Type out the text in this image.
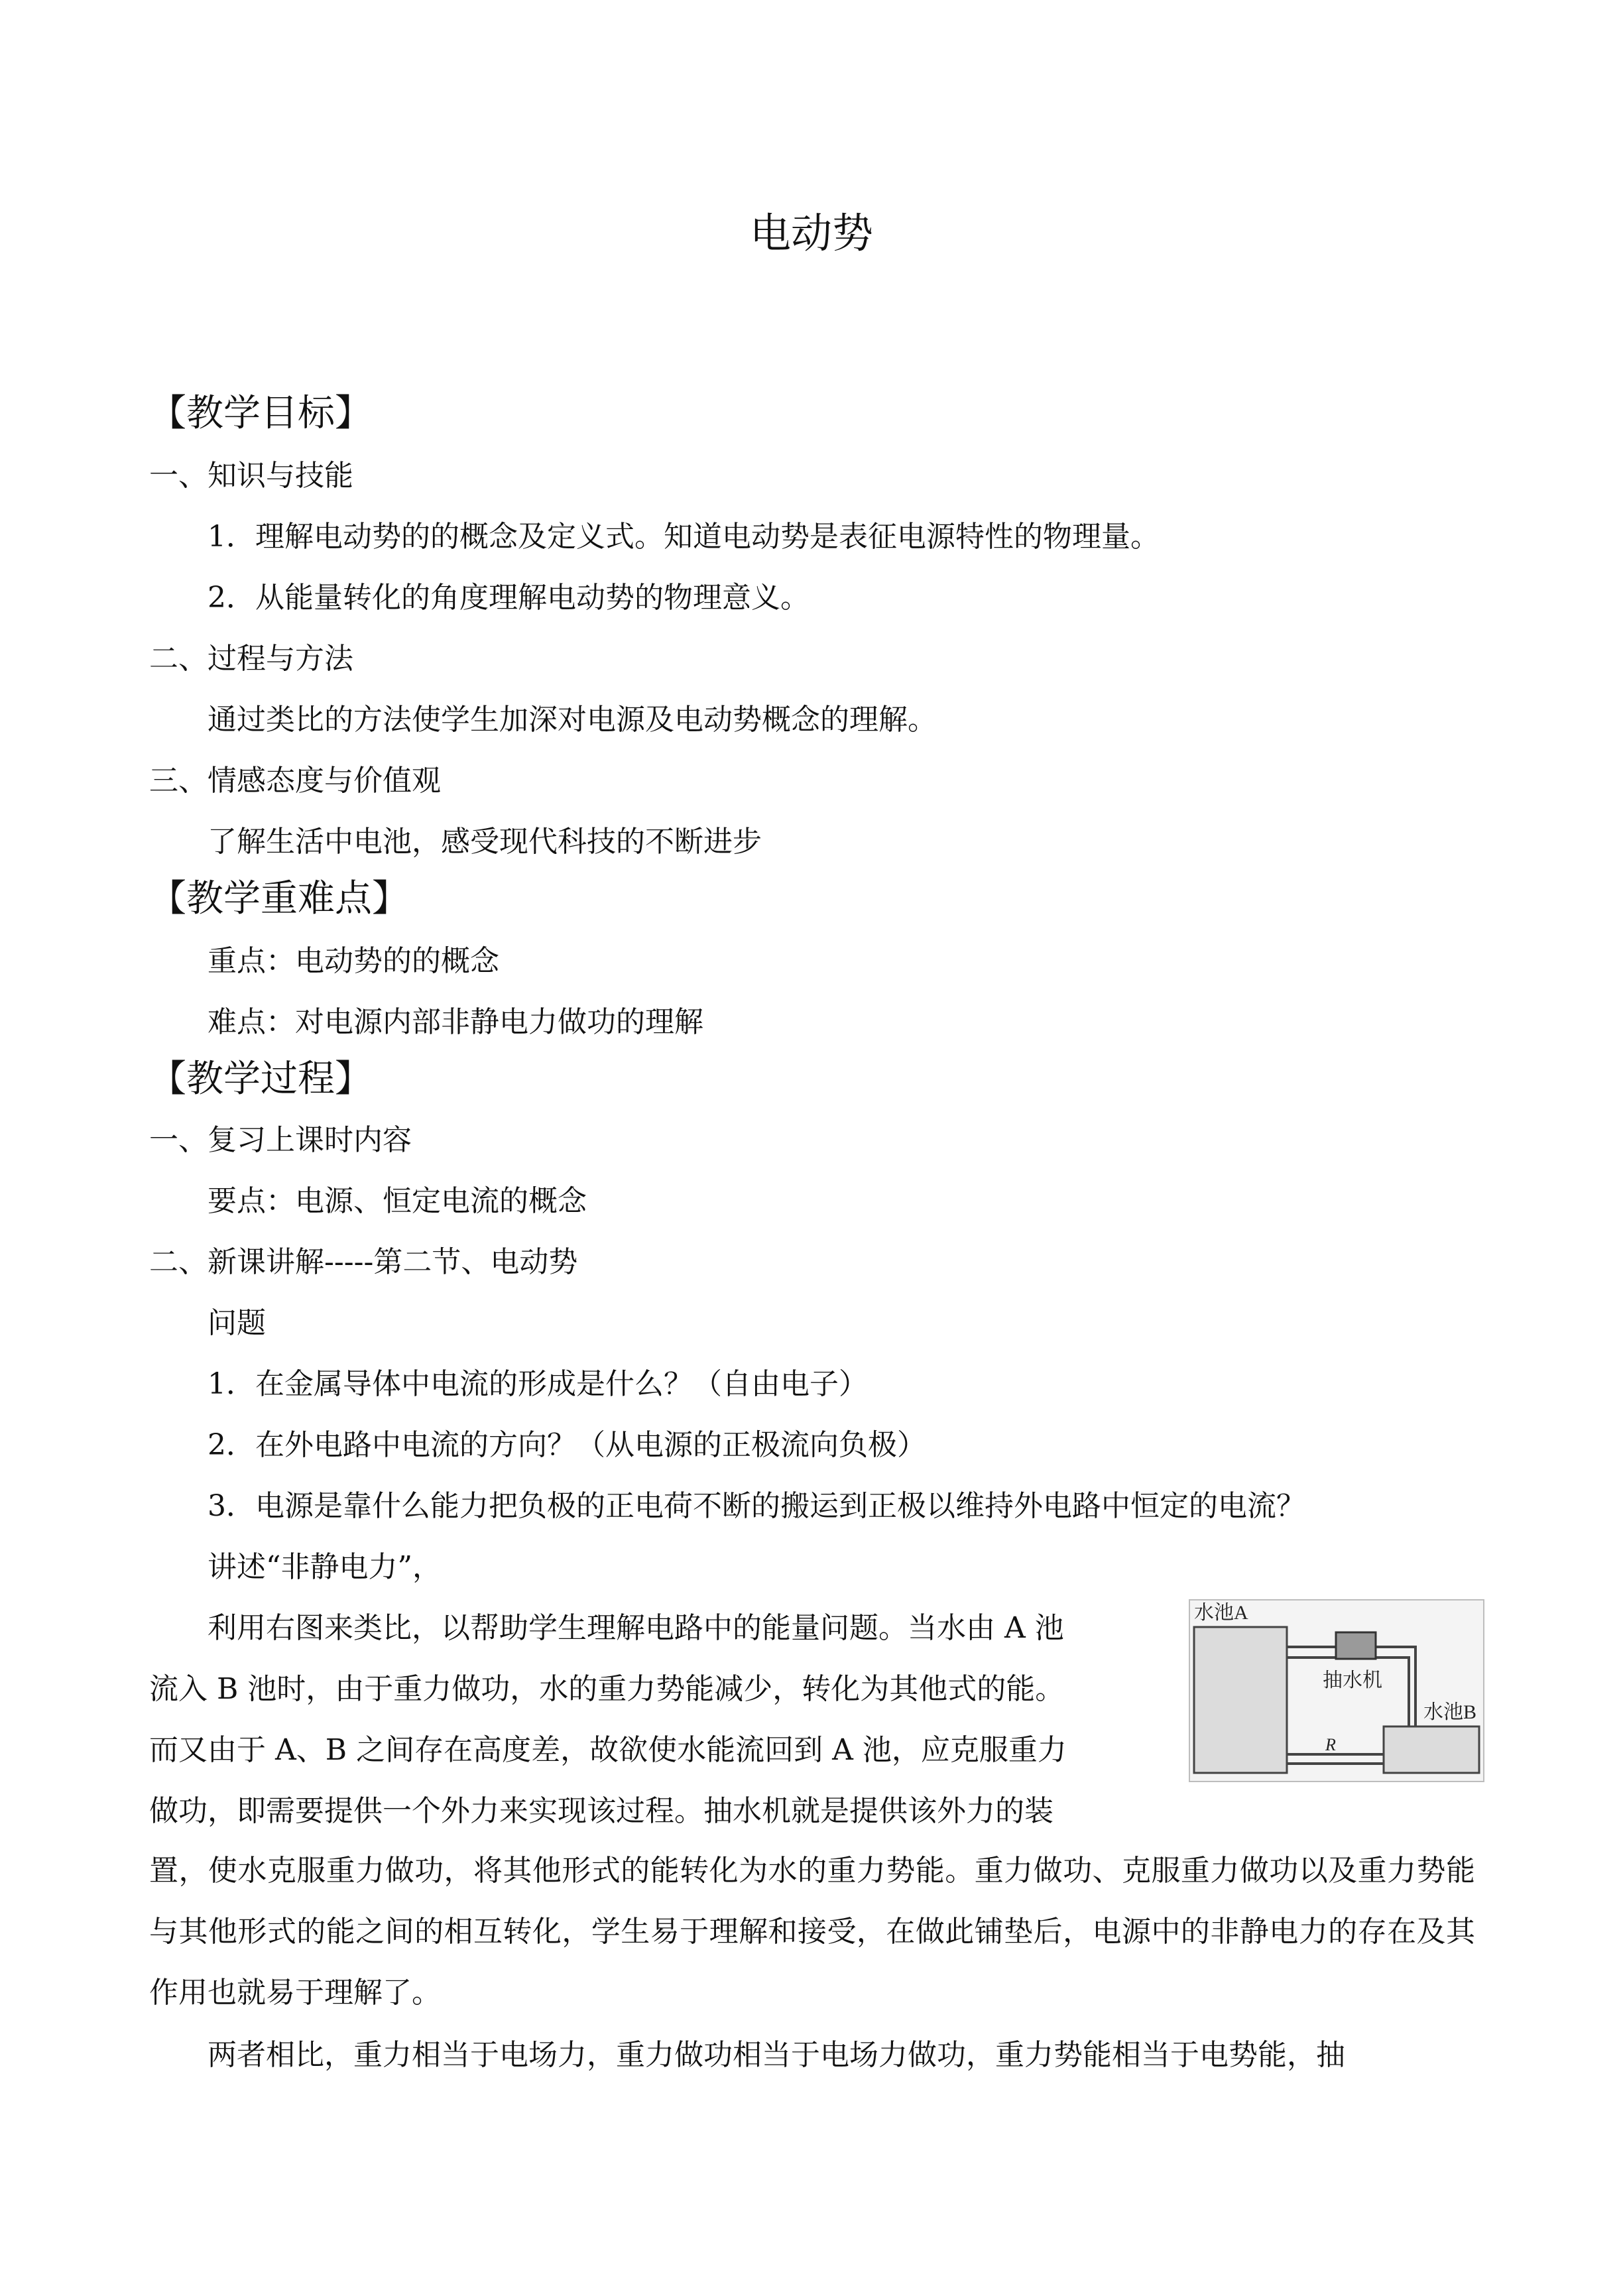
电动势
【教学目标】
一、知识与技能
1．理解电动势的的概念及定义式。知道电动势是表征电源特性的物理量。
2．从能量转化的角度理解电动势的物理意义。
二、过程与方法
通过类比的方法使学生加深对电源及电动势概念的理解。
三、情感态度与价值观
了解生活中电池，感受现代科技的不断进步
【教学重难点】
重点：电动势的的概念
难点：对电源内部非静电力做功的理解
【教学过程】
一、复习上课时内容
要点：电源、恒定电流的概念
二、新课讲解-----第二节、电动势
问题
1．在金属导体中电流的形成是什么？（自由电子）
2．在外电路中电流的方向？（从电源的正极流向负极）
3．电源是靠什么能力把负极的正电荷不断的搬运到正极以维持外电路中恒定的电流？
讲述“非静电力”，
利用右图来类比，以帮助学生理解电路中的能量问题。当水由 A 池
流入 B 池时，由于重力做功，水的重力势能减少，转化为其他式的能。
而又由于 A、B 之间存在高度差，故欲使水能流回到 A 池，应克服重力
做功，即需要提供一个外力来实现该过程。抽水机就是提供该外力的装
置，使水克服重力做功，将其他形式的能转化为水的重力势能。重力做功、克服重力做功以及重力势能与其他形式的能之间的相互转化，学生易于理解和接受，在做此铺垫后，电源中的非静电力的存在及其作用也就易于理解了。
两者相比，重力相当于电场力，重力做功相当于电场力做功，重力势能相当于电势能，抽
水池A
水池B
抽水机
R
